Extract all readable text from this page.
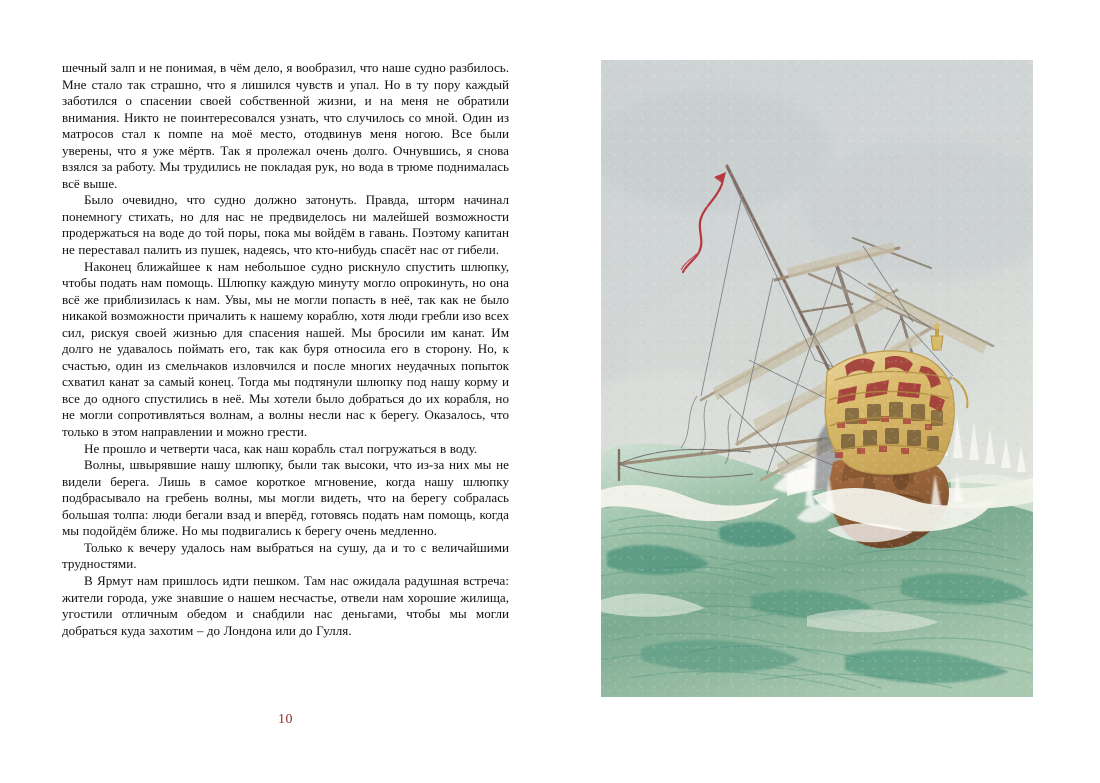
шечный залп и не понимая, в чём дело, я вообразил, что наше судно разбилось. Мне стало так страшно, что я лишился чувств и упал. Но в ту пору каждый заботился о спасении своей собственной жизни, и на меня не обратили внимания. Никто не поинтересовался узнать, что случилось со мной. Один из матросов стал к помпе на моё место, отодвинув меня ногою. Все были уверены, что я уже мёртв. Так я пролежал очень долго. Очнувшись, я снова взялся за работу. Мы трудились не покладая рук, но вода в трюме поднималась всё выше.

Было очевидно, что судно должно затонуть. Правда, шторм начинал понемногу стихать, но для нас не предвиделось ни малейшей возможности продержаться на воде до той поры, пока мы войдём в гавань. Поэтому капитан не переставал палить из пушек, надеясь, что кто-нибудь спасёт нас от гибели.

Наконец ближайшее к нам небольшое судно рискнуло спустить шлюпку, чтобы подать нам помощь. Шлюпку каждую минуту могло опрокинуть, но она всё же приблизилась к нам. Увы, мы не могли попасть в неё, так как не было никакой возможности причалить к нашему кораблю, хотя люди гребли изо всех сил, рискуя своей жизнью для спасения нашей. Мы бросили им канат. Им долго не удавалось поймать его, так как буря относила его в сторону. Но, к счастью, один из смельчаков изловчился и после многих неудачных попыток схватил канат за самый конец. Тогда мы подтянули шлюпку под нашу корму и все до одного спустились в неё. Мы хотели было добраться до их корабля, но не могли сопротивляться волнам, а волны несли нас к берегу. Оказалось, что только в этом направлении и можно грести.

Не прошло и четверти часа, как наш корабль стал погружаться в воду.

Волны, швырявшие нашу шлюпку, были так высоки, что из-за них мы не видели берега. Лишь в самое короткое мгновение, когда нашу шлюпку подбрасывало на гребень волны, мы могли видеть, что на берегу собралась большая толпа: люди бегали взад и вперёд, готовясь подать нам помощь, когда мы подойдём ближе. Но мы подвигались к берегу очень медленно.

Только к вечеру удалось нам выбраться на сушу, да и то с величайшими трудностями.

В Ярмут нам пришлось идти пешком. Там нас ожидала радушная встреча: жители города, уже знавшие о нашем несчастье, отвели нам хорошие жилища, угостили отличным обедом и снабдили нас деньгами, чтобы мы могли добраться куда захотим – до Лондона или до Гулля.

10
